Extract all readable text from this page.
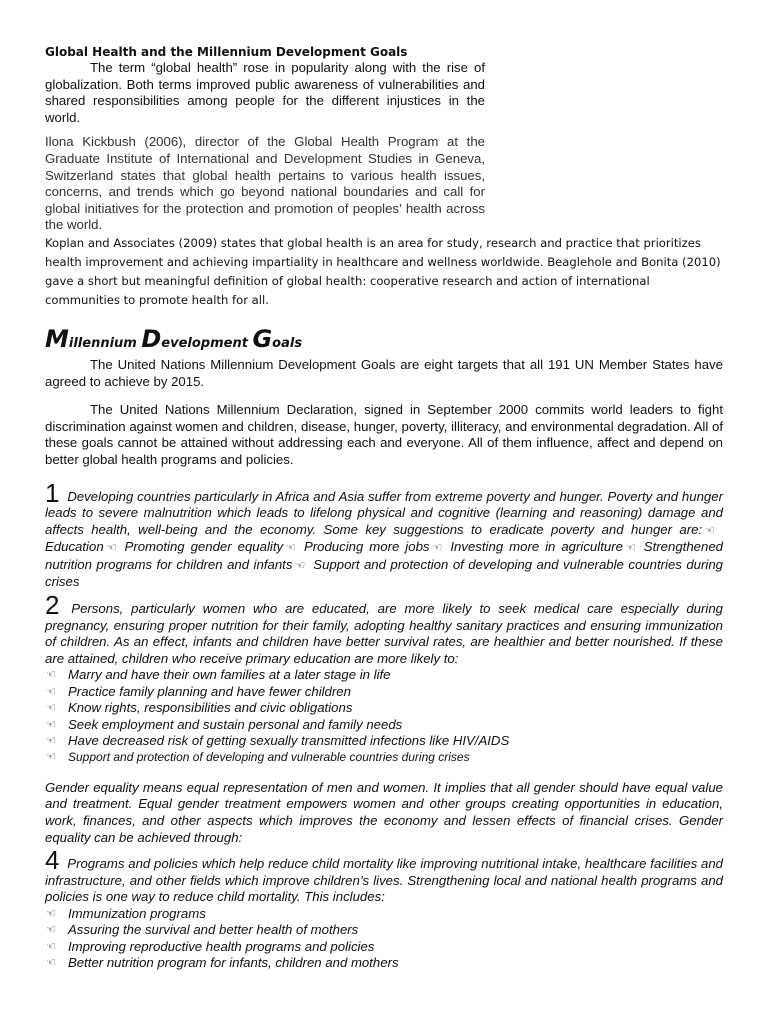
Global Health and the Millennium Development Goals

The term “global health” rose in popularity along with the rise of globalization. Both terms improved public awareness of vulnerabilities and shared responsibilities among people for the different injustices in the world.

Ilona Kickbush (2006), director of the Global Health Program at the Graduate Institute of International and Development Studies in Geneva, Switzerland states that global health pertains to various health issues, concerns, and trends which go beyond national boundaries and call for global initiatives for the protection and promotion of peoples’ health across the world.

Koplan and Associates (2009) states that global health is an area for study, research and practice that prioritizes health improvement and achieving impartiality in healthcare and wellness worldwide. Beaglehole and Bonita (2010) gave a short but meaningful definition of global health: cooperative research and action of international communities to promote health for all.

Millennium Development Goals

The United Nations Millennium Development Goals are eight targets that all 191 UN Member States have agreed to achieve by 2015.

The United Nations Millennium Declaration, signed in September 2000 commits world leaders to fight discrimination against women and children, disease, hunger, poverty, illiteracy, and environmental degradation. All of these goals cannot be attained without addressing each and everyone. All of them influence, affect and depend on better global health programs and policies.

1 Developing countries particularly in Africa and Asia suffer from extreme poverty and hunger. Poverty and hunger leads to severe malnutrition which leads to lifelong physical and cognitive (learning and reasoning) damage and affects health, well-being and the economy. Some key suggestions to eradicate poverty and hunger are: ☜Education ☜ Promoting gender equality ☜ Producing more jobs ☜ Investing more in agriculture ☜ Strengthened nutrition programs for children and infants ☜ Support and protection of developing and vulnerable countries during crises

2 Persons, particularly women who are educated, are more likely to seek medical care especially during pregnancy, ensuring proper nutrition for their family, adopting healthy sanitary practices and ensuring immunization of children. As an effect, infants and children have better survival rates, are healthier and better nourished. If these are attained, children who receive primary education are more likely to:

☜ Marry and have their own families at a later stage in life
☜ Practice family planning and have fewer children
☜ Know rights, responsibilities and civic obligations
☜ Seek employment and sustain personal and family needs
☜ Have decreased risk of getting sexually transmitted infections like HIV/AIDS
☜ Support and protection of developing and vulnerable countries during crises

Gender equality means equal representation of men and women. It implies that all gender should have equal value and treatment. Equal gender treatment empowers women and other groups creating opportunities in education, work, finances, and other aspects which improves the economy and lessen effects of financial crises. Gender equality can be achieved through:

4 Programs and policies which help reduce child mortality like improving nutritional intake, healthcare facilities and infrastructure, and other fields which improve children’s lives. Strengthening local and national health programs and policies is one way to reduce child mortality. This includes:

☜ Immunization programs
☜ Assuring the survival and better health of mothers
☜ Improving reproductive health programs and policies
☜ Better nutrition program for infants, children and mothers
